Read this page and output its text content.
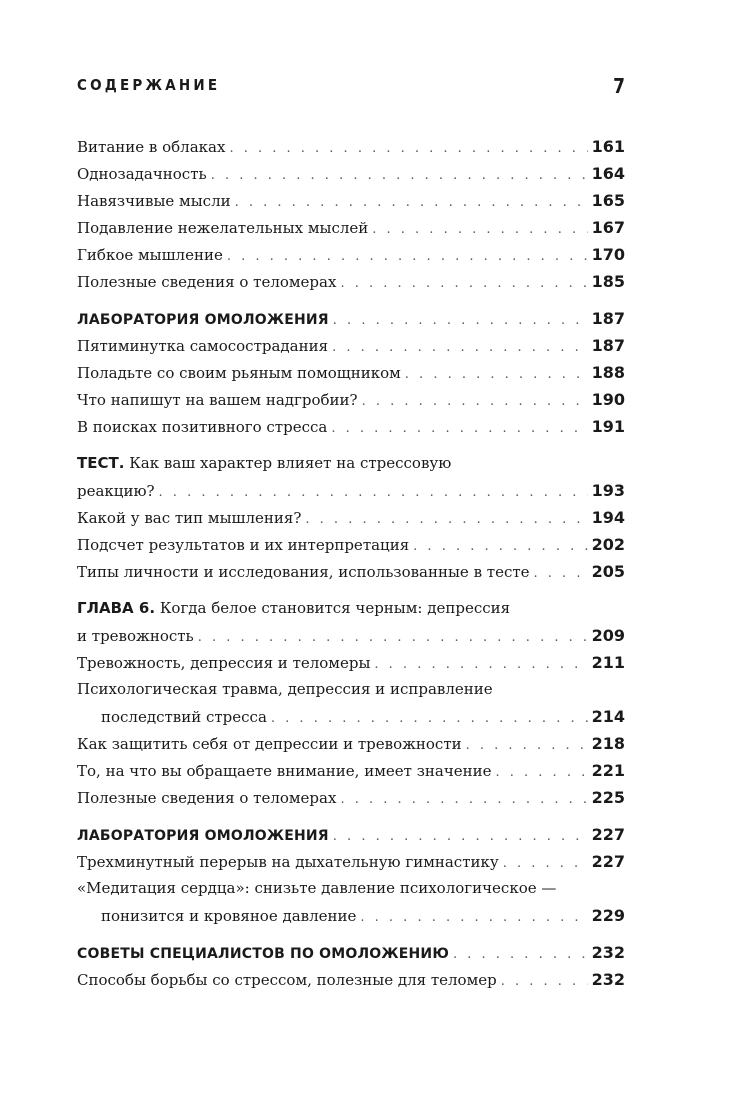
СОДЕРЖАНИЕ	7
Витание в облаках . . .	161
Однозадачность . . .	164
Навязчивые мысли . . .	165
Подавление нежелательных мыслей . . .	167
Гибкое мышление . . .	170
Полезные сведения о теломерах . . .	185
ЛАБОРАТОРИЯ ОМОЛОЖЕНИЯ . . .	187
Пятиминутка самосострадания . . .	187
Поладьте со своим рьяным помощником . . .	188
Что напишут на вашем надгробии? . . .	190
В поисках позитивного стресса . . .	191
ТЕСТ. Как ваш характер влияет на стрессовую
реакцию? . . .	193
Какой у вас тип мышления? . . .	194
Подсчет результатов и их интерпретация . . .	202
Типы личности и исследования, использованные в тесте . . .	205
ГЛАВА 6. Когда белое становится черным: депрессия
и тревожность . . .	209
Тревожность, депрессия и теломеры . . .	211
Психологическая травма, депрессия и исправление
последствий стресса . . .	214
Как защитить себя от депрессии и тревожности . . .	218
То, на что вы обращаете внимание, имеет значение . . .	221
Полезные сведения о теломерах . . .	225
ЛАБОРАТОРИЯ ОМОЛОЖЕНИЯ . . .	227
Трехминутный перерыв на дыхательную гимнастику . . .	227
«Медитация сердца»: снизьте давление психологическое —
понизится и кровяное давление . . .	229
СОВЕТЫ СПЕЦИАЛИСТОВ ПО ОМОЛОЖЕНИЮ . . .	232
Способы борьбы со стрессом, полезные для теломер . . .	232
